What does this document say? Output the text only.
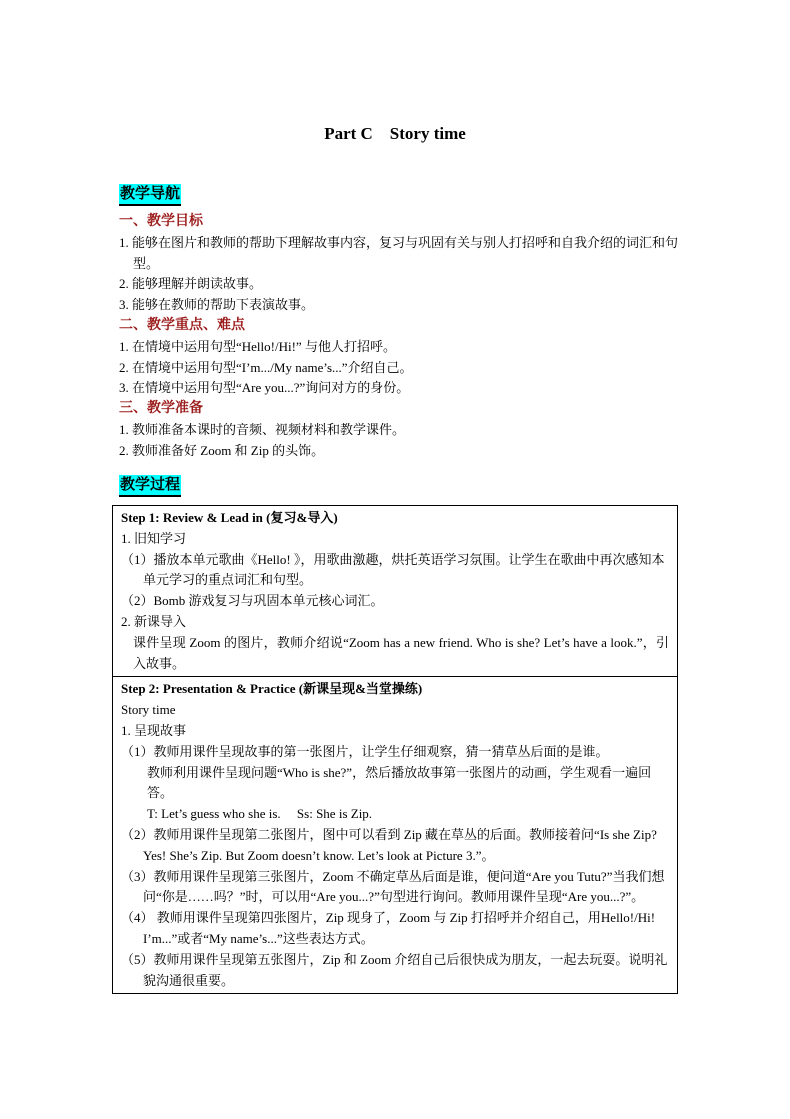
Part C    Story time
教学导航
一、教学目标
1. 能够在图片和教师的帮助下理解故事内容，复习与巩固有关与别人打招呼和自我介绍的词汇和句型。
2. 能够理解并朗读故事。
3. 能够在教师的帮助下表演故事。
二、教学重点、难点
1. 在情境中运用句型“Hello!/Hi!” 与他人打招呼。
2. 在情境中运用句型“I’m.../My name’s...”介绍自己。
3. 在情境中运用句型“Are you...?”询问对方的身份。
三、教学准备
1. 教师准备本课时的音频、视频材料和教学课件。
2. 教师准备好 Zoom 和 Zip 的头饰。
教学过程
Step 1: Review & Lead in (复习&导入)
1. 旧知学习
（1）播放本单元歌曲《Hello! 》，用歌曲激趣，烘托英语学习氛围。让学生在歌曲中再次感知本单元学习的重点词汇和句型。
（2）Bomb 游戏复习与巩固本单元核心词汇。
2. 新课导入
课件呈现 Zoom 的图片，教师介绍说“Zoom has a new friend. Who is she? Let’s have a look.”，引入故事。
Step 2: Presentation & Practice (新课呈现&当堂操练)
Story time
1. 呈现故事
（1）教师用课件呈现故事的第一张图片，让学生仔细观察，猜一猜草丛后面的是谁。
教师利用课件呈现问题“Who is she?”，然后播放故事第一张图片的动画，学生观看一遍回答。
T: Let’s guess who she is.     Ss: She is Zip.
（2）教师用课件呈现第二张图片，图中可以看到 Zip 藏在草丛的后面。教师接着问“Is she Zip? Yes! She’s Zip. But Zoom doesn’t know. Let’s look at Picture 3.”。
（3）教师用课件呈现第三张图片，Zoom 不确定草丛后面是谁，便问道“Are you Tutu?”当我们想问“你是……吗？”时，可以用“Are you...?”句型进行询问。教师用课件呈现“Are you...?”。
（4） 教师用课件呈现第四张图片，Zip 现身了，Zoom 与 Zip 打招呼并介绍自己，用Hello!/Hi! I’m...”或者“My name’s...”这些表达方式。
（5）教师用课件呈现第五张图片，Zip 和 Zoom 介绍自己后很快成为朋友，一起去玩耍。说明礼貌沟通很重要。
